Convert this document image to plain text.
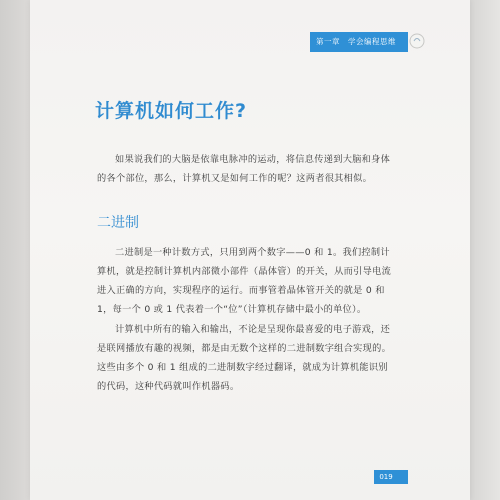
第一章 学会编程思维
计算机如何工作?
如果说我们的大脑是依靠电脉冲的运动，将信息传递到大脑和身体的各个部位，那么，计算机又是如何工作的呢？这两者很其相似。
二进制
二进制是一种计数方式，只用到两个数字——0 和 1。我们控制计算机，就是控制计算机内部微小部件（晶体管）的开关，从而引导电流进入正确的方向，实现程序的运行。而事管着晶体管开关的就是 0 和 1，每一个 0 或 1 代表着一个“位”（计算机存储中最小的单位）。
计算机中所有的输入和输出，不论是呈现你最喜爱的电子游戏，还是联网播放有趣的视频，都是由无数个这样的二进制数字组合实现的。这些由多个 0 和 1 组成的二进制数字经过翻译，就成为计算机能识别的代码，这种代码就叫作机器码。
019
